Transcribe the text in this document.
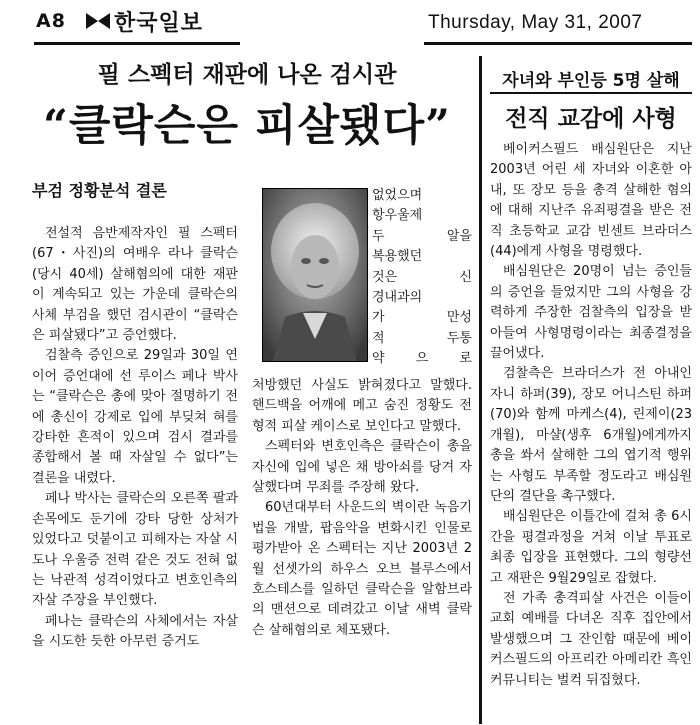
A8 한국일보	Thursday, May 31, 2007
필 스펙터 재판에 나온 검시관
“클락슨은 피살됐다”
부검 정황분석 결론

전설적 음반제작자인 필 스펙터(67・사진)의 여배우 라나 클락슨(당시 40세) 살해혐의에 대한 재판이 계속되고 있는 가운데 클락슨의 사체 부검을 했던 검시관이 “클락슨은 피살됐다”고 증언했다.

검찰측 증인으로 29일과 30일 연이어 증언대에 선 루이스 페나 박사는 “클락슨은 총에 맞아 절명하기 전에 총신이 강제로 입에 부딪쳐 혀를 강타한 흔적이 있으며 검시 결과를 종합해서 볼 때 자살일 수 없다”는 결론을 내렸다.

페나 박사는 클락슨의 오른쪽 팔과 손목에도 둔기에 강타 당한 상처가 있었다고 덧붙이고 피해자는 자살 시도나 우울증 전력 같은 것도 전혀 없는 낙관적 성격이었다고 변호인측의 자살 주장을 부인했다.

페나는 클락슨의 사체에서는 자살을 시도한 듯한 아무런 증거도

없었으며

항우울제

두 알을

복용했던

것은 신

경내과의

가 만성

적 두통

약 으 로

처방했던 사실도 밝혀졌다고 말했다. 핸드백을 어깨에 메고 숨진 정황도 전형적 피살 케이스로 보인다고 말했다.

스펙터와 변호인측은 클락슨이 총을 자신에 입에 넣은 채 방아쇠를 당겨 자살했다며 무죄를 주장해 왔다.

60년대부터 사운드의 벽이란 녹음기법을 개발, 팝음악을 변화시킨 인물로 평가받아 온 스펙터는 지난 2003년 2월 선셋가의 하우스 오브 블루스에서 호스테스를 일하던 클락슨을 알함브라의 맨션으로 데려갔고 이날 새벽 클락슨 살해혐의로 체포됐다.

자녀와 부인등 5명 살해
전직 교감에 사형

베이커스필드 배심원단은 지난 2003년 어린 세 자녀와 이혼한 아내, 또 장모 등을 총격 살해한 혐의에 대해 지난주 유죄평결을 받은 전직 초등학교 교감 빈센트 브라더스(44)에게 사형을 명령했다.

배심원단은 20명이 넘는 증인들의 증언을 들었지만 그의 사형을 강력하게 주장한 검찰측의 입장을 받아들여 사형명령이라는 최종결정을 끌어냈다.

검찰측은 브라더스가 전 아내인 자니 하퍼(39), 장모 어니스틴 하퍼(70)와 함께 마케스(4), 린제이(23개월), 마샬(생후 6개월)에게까지 총을 쏴서 살해한 그의 엽기적 행위는 사형도 부족할 정도라고 배심원단의 결단을 촉구했다.

배심원단은 이틀간에 걸쳐 총 6시간을 평결과정을 거쳐 이날 투표로 최종 입장을 표현했다. 그의 형량선고 재판은 9월29일로 잡혔다.

전 가족 총격피살 사건은 이들이 교회 예배를 다녀온 직후 집안에서 발생했으며 그 잔인함 때문에 베이커스필드의 아프리칸 아메리칸 흑인 커뮤니티는 벌컥 뒤집혔다.
